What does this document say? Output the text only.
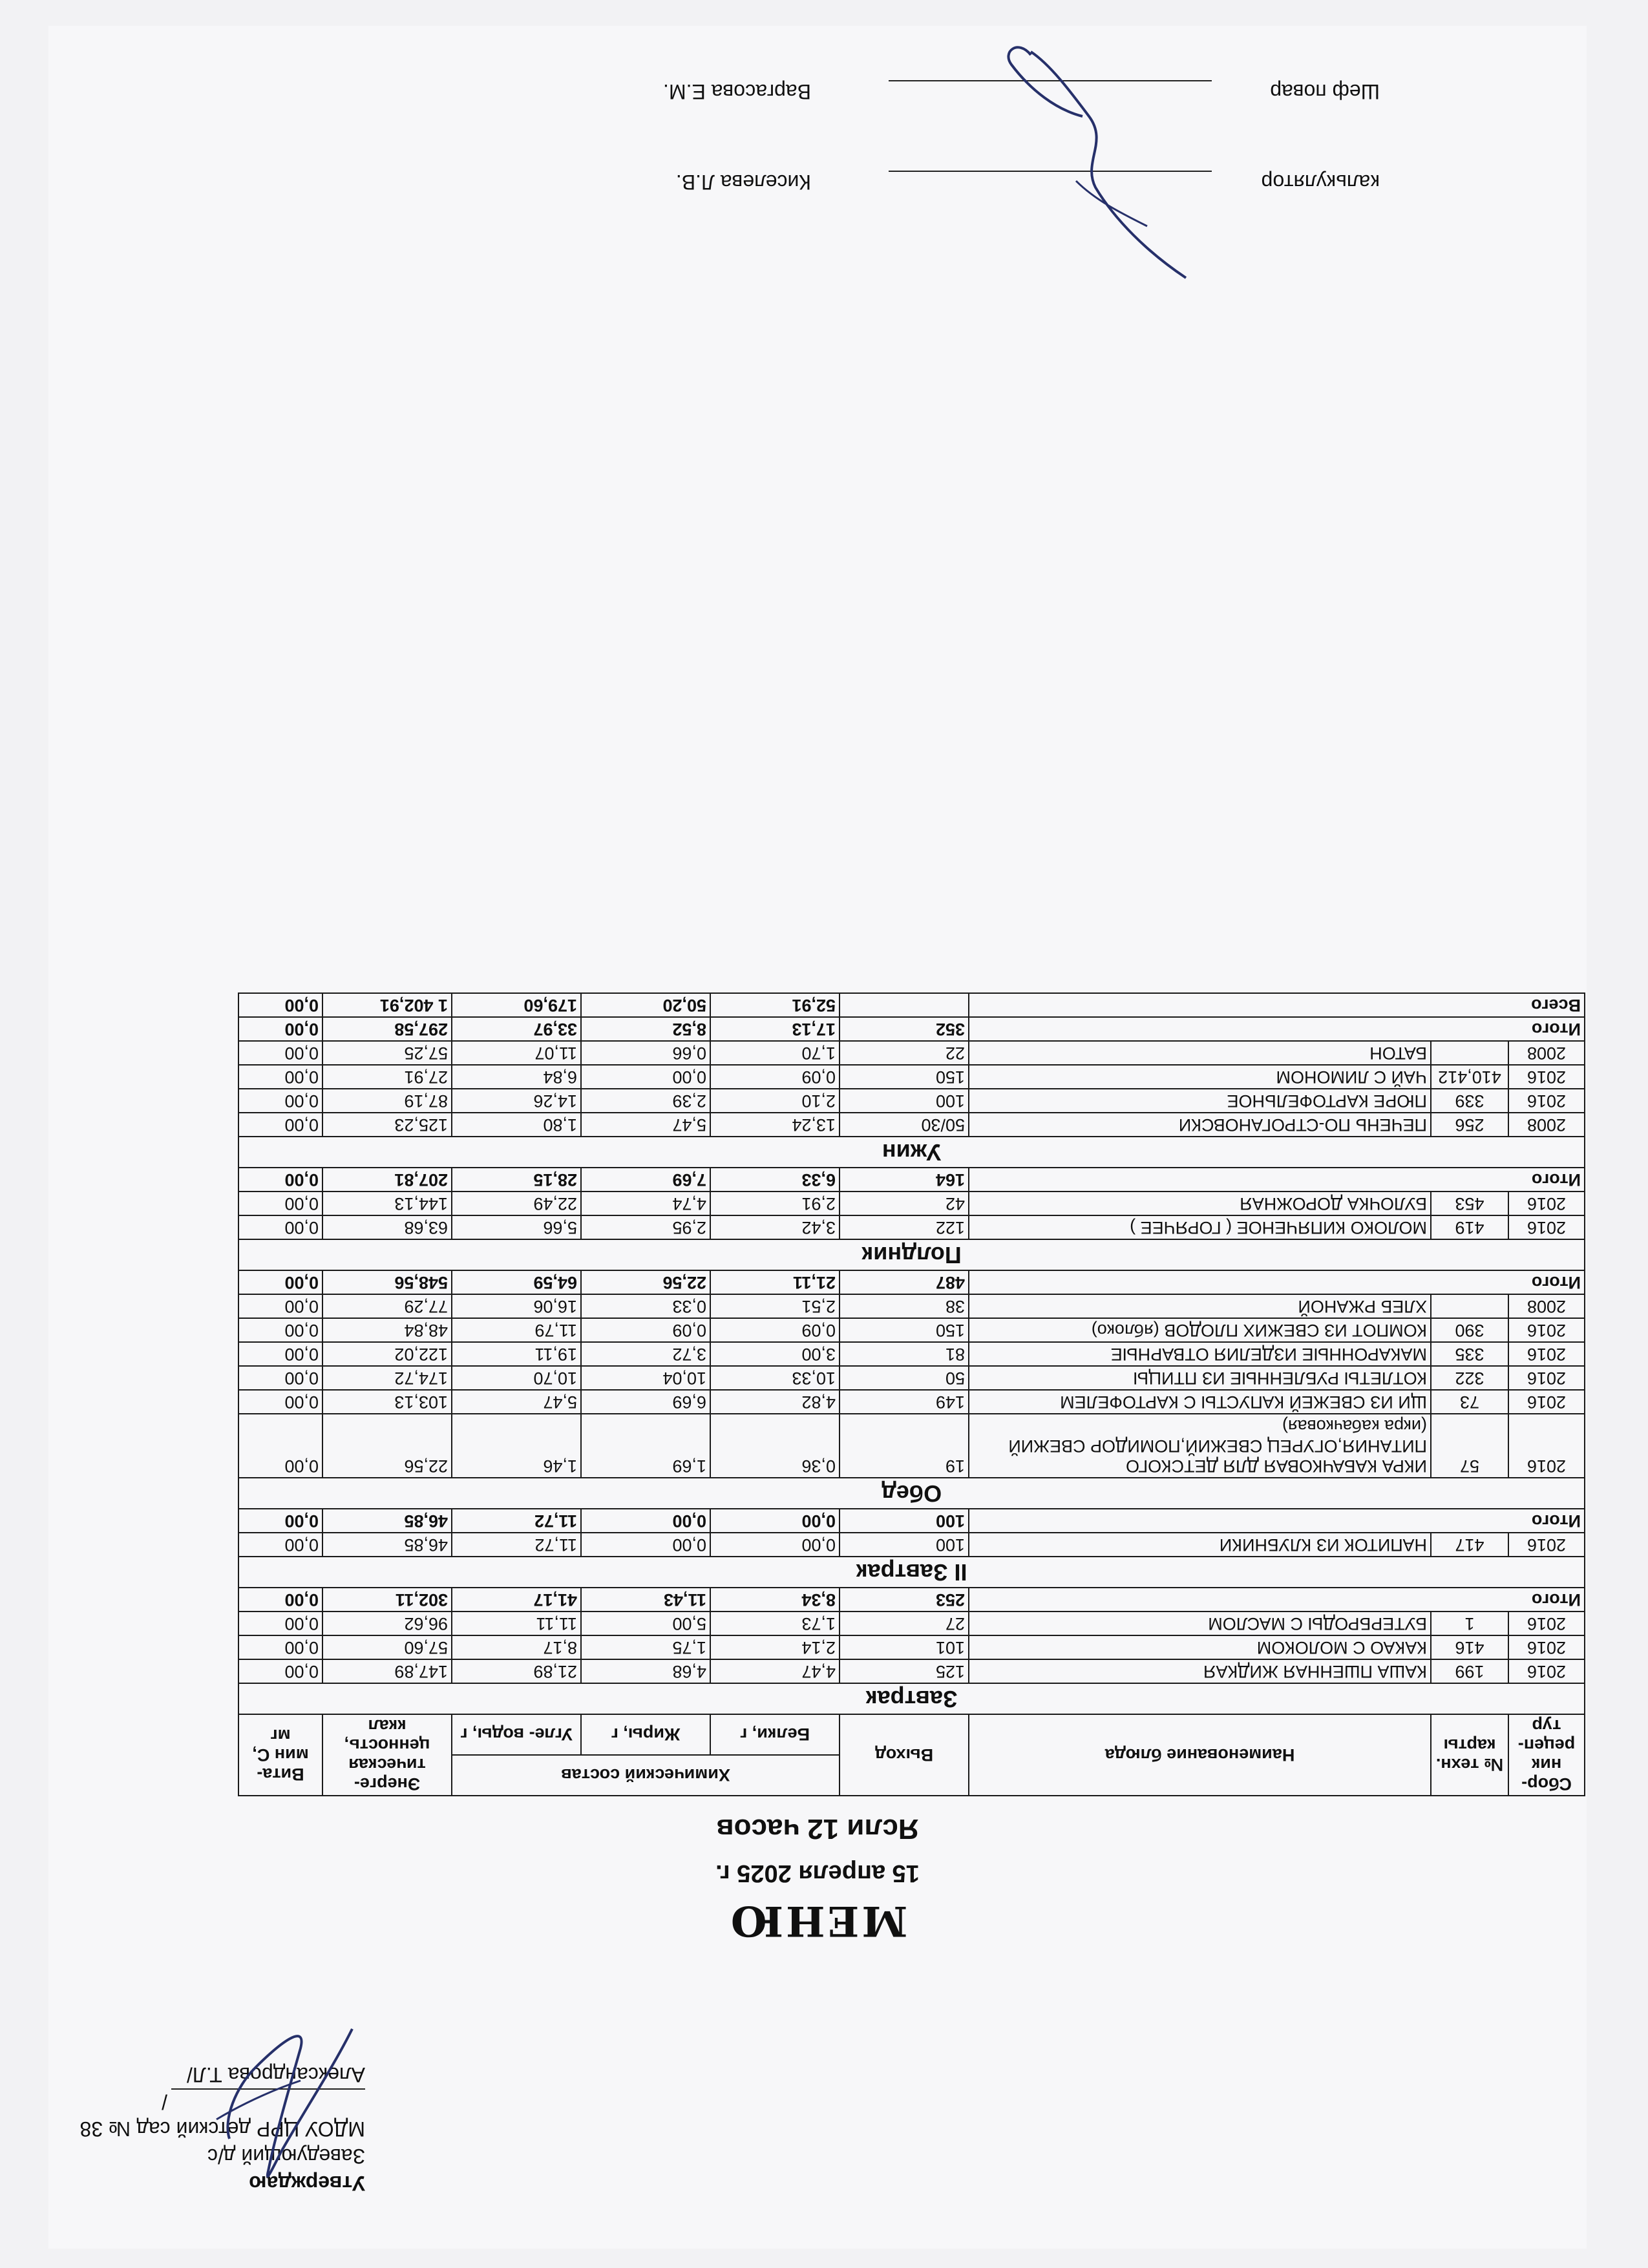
Утверждаю
Заведующий д/с
МДОУ ЦРР детский сад № 38
/Александрова Т.Л/
МЕНЮ
15 апреля 2025 г.
Ясли 12 часов
Сбор- ник рецеп- тур	№ техн. карты	Наименование блюда	Выход	Химический состав			Энерге- тическая ценность, ккал	Вита- мин С, мг
				Белки, г	Жиры, г	Угле- воды, г		
Завтрак								
2016	199	КАША ПШЕННАЯ ЖИДКАЯ	125	4,47	4,68	21,89	147,89	0,00
2016	416	КАКАО С МОЛОКОМ	101	2,14	1,75	8,17	57,60	0,00
2016	1	БУТЕРБРОДЫ С МАСЛОМ	27	1,73	5,00	11,11	96,62	0,00
Итого			253	8,34	11,43	41,17	302,11	0,00
II Завтрак								
2016	417	НАПИТОК ИЗ КЛУБНИКИ	100	0,00	0,00	11,72	46,85	0,00
Итого			100	0,00	0,00	11,72	46,85	0,00
Обед								
2016	57	ИКРА КАБАЧКОВАЯ ДЛЯ ДЕТСКОГО ПИТАНИЯ,ОГУРЕЦ СВЕЖИЙ,ПОМИДОР СВЕЖИЙ (икра кабачковая)	19	0,36	1,69	1,46	22,56	0,00
2016	73	ЩИ ИЗ СВЕЖЕЙ КАПУСТЫ С КАРТОФЕЛЕМ	149	4,82	6,69	5,47	103,13	0,00
2016	322	КОТЛЕТЫ РУБЛЕННЫЕ ИЗ ПТИЦЫ	50	10,33	10,04	10,70	174,72	0,00
2016	335	МАКАРОННЫЕ ИЗДЕЛИЯ ОТВАРНЫЕ	81	3,00	3,72	19,11	122,02	0,00
2016	390	КОМПОТ ИЗ СВЕЖИХ ПЛОДОВ (яблоко)	150	0,09	0,09	11,79	48,84	0,00
2008		ХЛЕБ РЖАНОЙ	38	2,51	0,33	16,06	77,29	0,00
Итого			487	21,11	22,56	64,59	548,56	0,00
Полдник								
2016	419	МОЛОКО КИПЯЧЕНОЕ ( ГОРЯЧЕЕ )	122	3,42	2,95	5,66	63,68	0,00
2016	453	БУЛОЧКА ДОРОЖНАЯ	42	2,91	4,74	22,49	144,13	0,00
Итого			164	6,33	7,69	28,15	207,81	0,00
Ужин								
2008	256	ПЕЧЕНЬ ПО-СТРОГАНОВСКИ	50/30	13,24	5,47	1,80	125,23	0,00
2016	339	ПЮРЕ КАРТОФЕЛЬНОЕ	100	2,10	2,39	14,26	87,19	0,00
2016	410,412	ЧАЙ С ЛИМОНОМ	150	0,09	0,00	6,84	27,91	0,00
2008		БАТОН	22	1,70	0,66	11,07	57,25	0,00
Итого			352	17,13	8,52	33,97	297,58	0,00
Всего				52,91	50,20	179,60	1 402,91	0,00
калькулятор
Киселева Л.В.
Шеф повар
Варгасова Е.М.
